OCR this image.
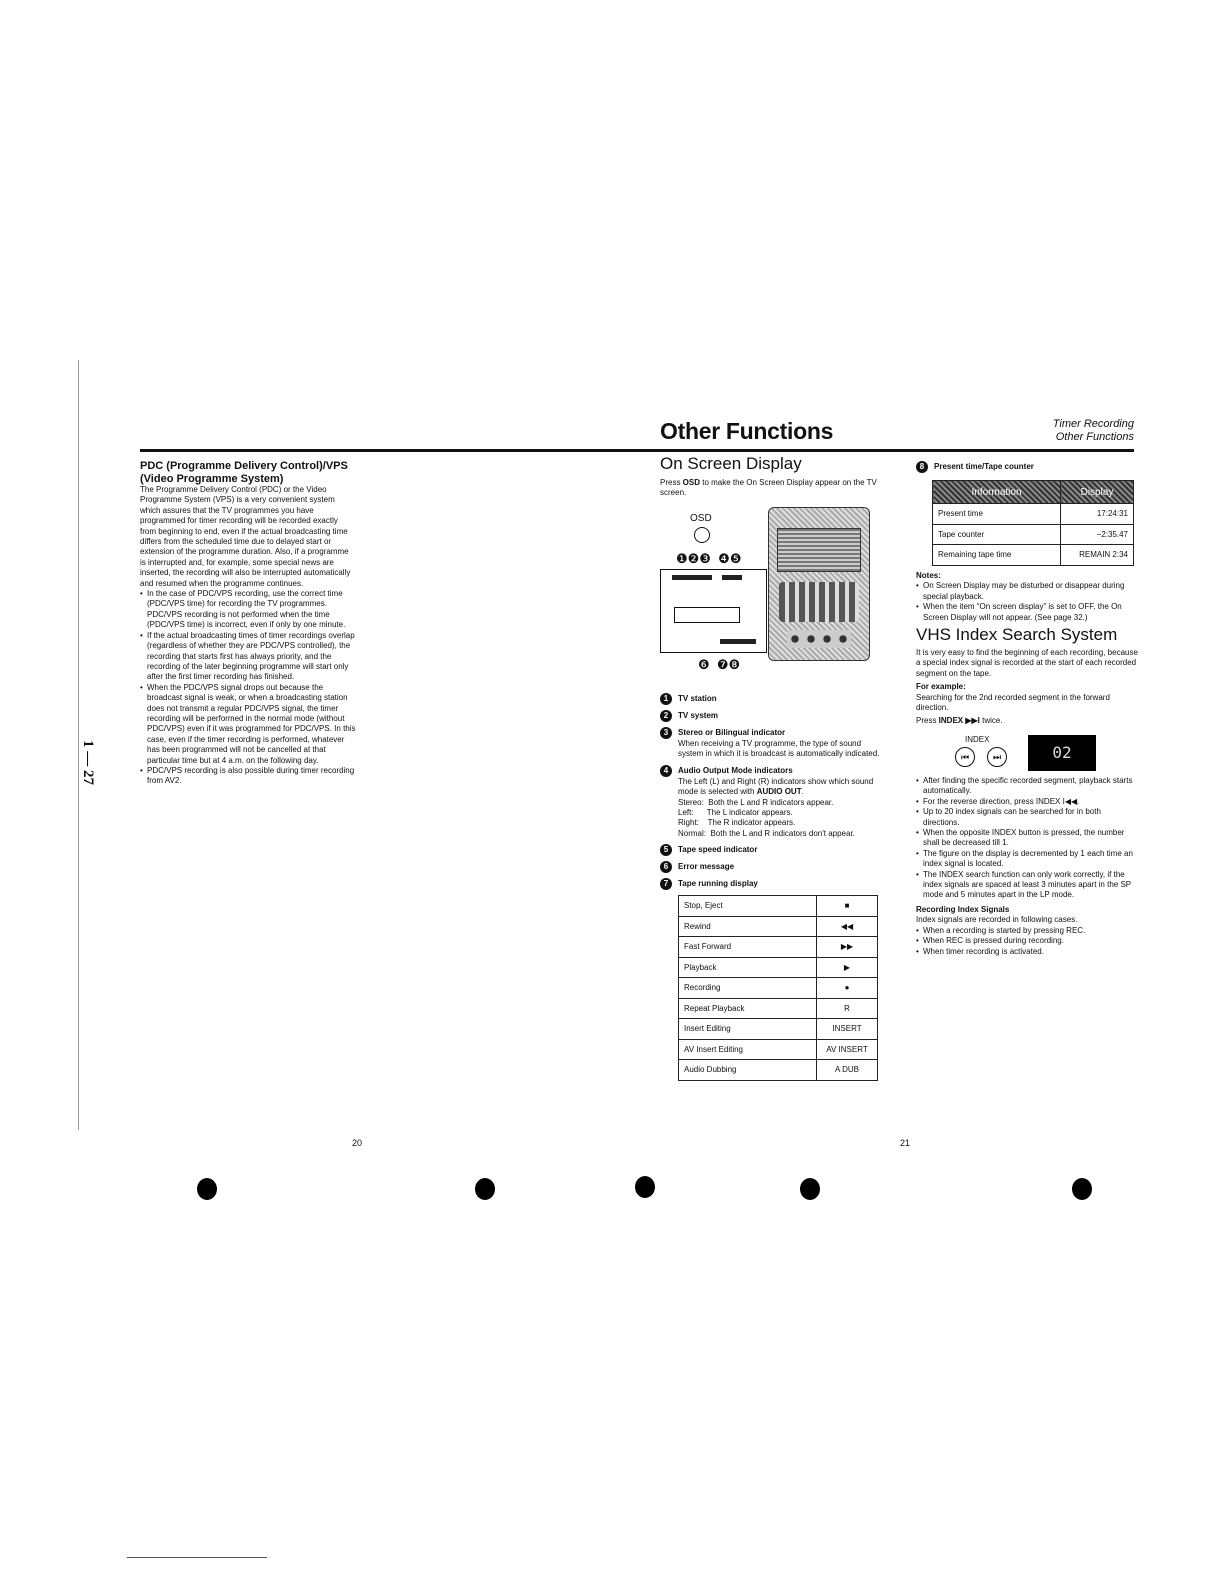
1 — 27
Other Functions	Timer Recording
Other Functions
PDC (Programme Delivery Control)/VPS (Video Programme System)
The Programme Delivery Control (PDC) or the Video Programme System (VPS) is a very convenient system which assures that the TV programmes you have programmed for timer recording will be recorded exactly from beginning to end, even if the actual broadcasting time differs from the scheduled time due to delayed start or extension of the programme duration. Also, if a programme is interrupted and, for example, some special news are inserted, the recording will also be interrupted automatically and resumed when the programme continues.
• In the case of PDC/VPS recording, use the correct time (PDC/VPS time) for recording the TV programmes. PDC/VPS recording is not performed when the time (PDC/VPS time) is incorrect, even if only by one minute.
• If the actual broadcasting times of timer recordings overlap (regardless of whether they are PDC/VPS controlled), the recording that starts first has always priority, and the recording of the later beginning programme will start only after the first timer recording has finished.
• When the PDC/VPS signal drops out because the broadcast signal is weak, or when a broadcasting station does not transmit a regular PDC/VPS signal, the timer recording will be performed in the normal mode (without PDC/VPS) even if it was programmed for PDC/VPS. In this case, even if the timer recording is performed, whatever has been programmed will not be cancelled at that particular time but at 4 a.m. on the following day.
• PDC/VPS recording is also possible during timer recording from AV2.
20
On Screen Display
Press OSD to make the On Screen Display appear on the TV screen.
OSD
❶❷❸  ❹❺
❻  ❼❽
1 TV station
2 TV system
3 Stereo or Bilingual indicator
When receiving a TV programme, the type of sound system in which it is broadcast is automatically indicated.
4 Audio Output Mode indicators
The Left (L) and Right (R) indicators show which sound mode is selected with AUDIO OUT.
Stereo:  Both the L and R indicators appear.
Left:      The L indicator appears.
Right:    The R indicator appears.
Normal:  Both the L and R indicators don't appear.
5 Tape speed indicator
6 Error message
7 Tape running display
Stop, Eject	■
Rewind	◀◀
Fast Forward	▶▶
Playback	▶
Recording	●
Repeat Playback	R
Insert Editing	INSERT
AV Insert Editing	AV INSERT
Audio Dubbing	A DUB
8 Present time/Tape counter
Information	Display
Present time	17:24:31
Tape counter	−2:35.47
Remaining tape time	REMAIN 2:34
Notes:
• On Screen Display may be disturbed or disappear during special playback.
• When the item “On screen display” is set to OFF, the On Screen Display will not appear. (See page 32.)
VHS Index Search System
It is very easy to find the beginning of each recording, because a special index signal is recorded at the start of each recorded segment on the tape.
For example:
Searching for the 2nd recorded segment in the forward direction.
Press INDEX ▶▶I twice.
INDEX
⏮	⏭	02
• After finding the specific recorded segment, playback starts automatically.
• For the reverse direction, press INDEX I◀◀.
• Up to 20 index signals can be searched for in both directions.
• When the opposite INDEX button is pressed, the number shall be decreased till 1.
• The figure on the display is decremented by 1 each time an index signal is located.
• The INDEX search function can only work correctly, if the index signals are spaced at least 3 minutes apart in the SP mode and 5 minutes apart in the LP mode.
Recording Index Signals
Index signals are recorded in following cases.
• When a recording is started by pressing REC.
• When REC is pressed during recording.
• When timer recording is activated.
21
